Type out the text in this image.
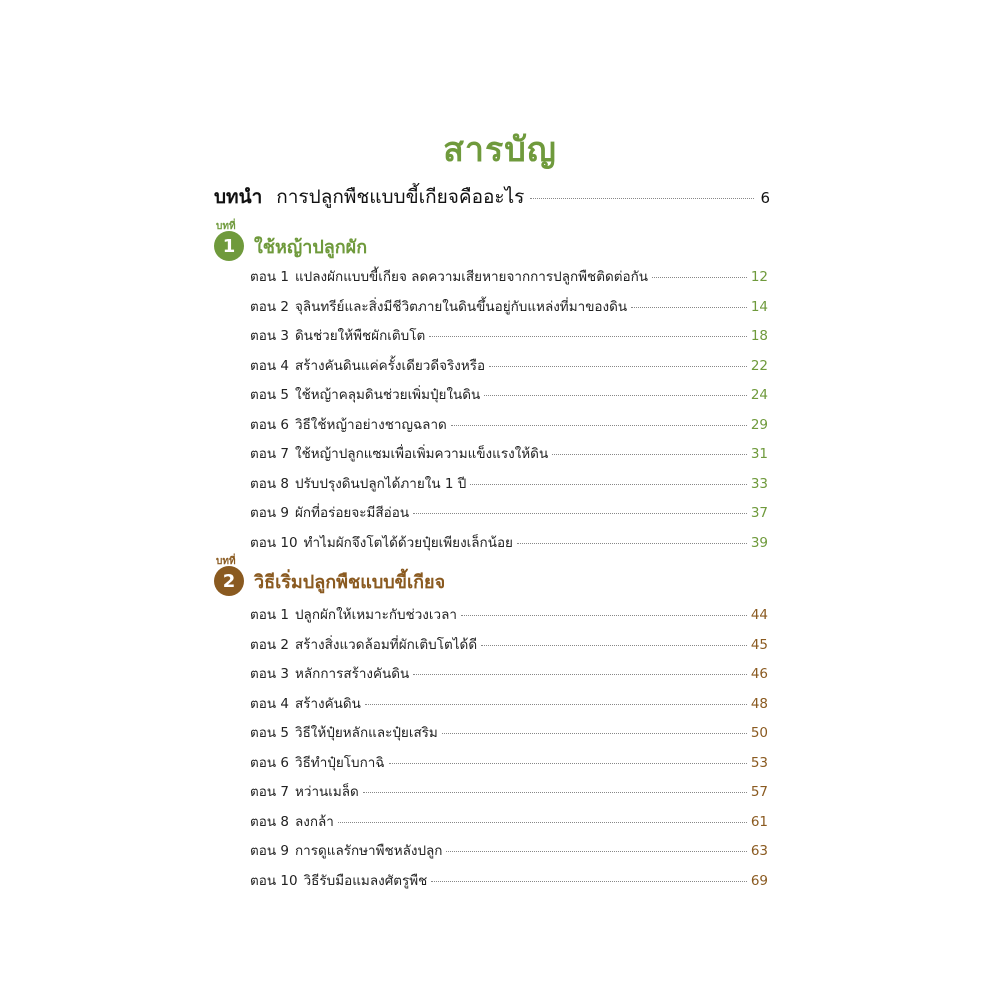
สารบัญ
บทนำ การปลูกพืชแบบขี้เกียจคืออะไร	6
บทที่
1	ใช้หญ้าปลูกผัก
ตอน 1 แปลงผักแบบขี้เกียจ ลดความเสียหายจากการปลูกพืชติดต่อกัน	12
ตอน 2 จุลินทรีย์และสิ่งมีชีวิตภายในดินขึ้นอยู่กับแหล่งที่มาของดิน	14
ตอน 3 ดินช่วยให้พืชผักเติบโต	18
ตอน 4 สร้างคันดินแค่ครั้งเดียวดีจริงหรือ	22
ตอน 5 ใช้หญ้าคลุมดินช่วยเพิ่มปุ๋ยในดิน	24
ตอน 6 วิธีใช้หญ้าอย่างชาญฉลาด	29
ตอน 7 ใช้หญ้าปลูกแซมเพื่อเพิ่มความแข็งแรงให้ดิน	31
ตอน 8 ปรับปรุงดินปลูกได้ภายใน 1 ปี	33
ตอน 9 ผักที่อร่อยจะมีสีอ่อน	37
ตอน 10 ทำไมผักจึงโตได้ด้วยปุ๋ยเพียงเล็กน้อย	39
บทที่
2	วิธีเริ่มปลูกพืชแบบขี้เกียจ
ตอน 1 ปลูกผักให้เหมาะกับช่วงเวลา	44
ตอน 2 สร้างสิ่งแวดล้อมที่ผักเติบโตได้ดี	45
ตอน 3 หลักการสร้างคันดิน	46
ตอน 4 สร้างคันดิน	48
ตอน 5 วิธีให้ปุ๋ยหลักและปุ๋ยเสริม	50
ตอน 6 วิธีทำปุ๋ยโบกาฉิ	53
ตอน 7 หว่านเมล็ด	57
ตอน 8 ลงกล้า	61
ตอน 9 การดูแลรักษาพืชหลังปลูก	63
ตอน 10 วิธีรับมือแมลงศัตรูพืช	69
